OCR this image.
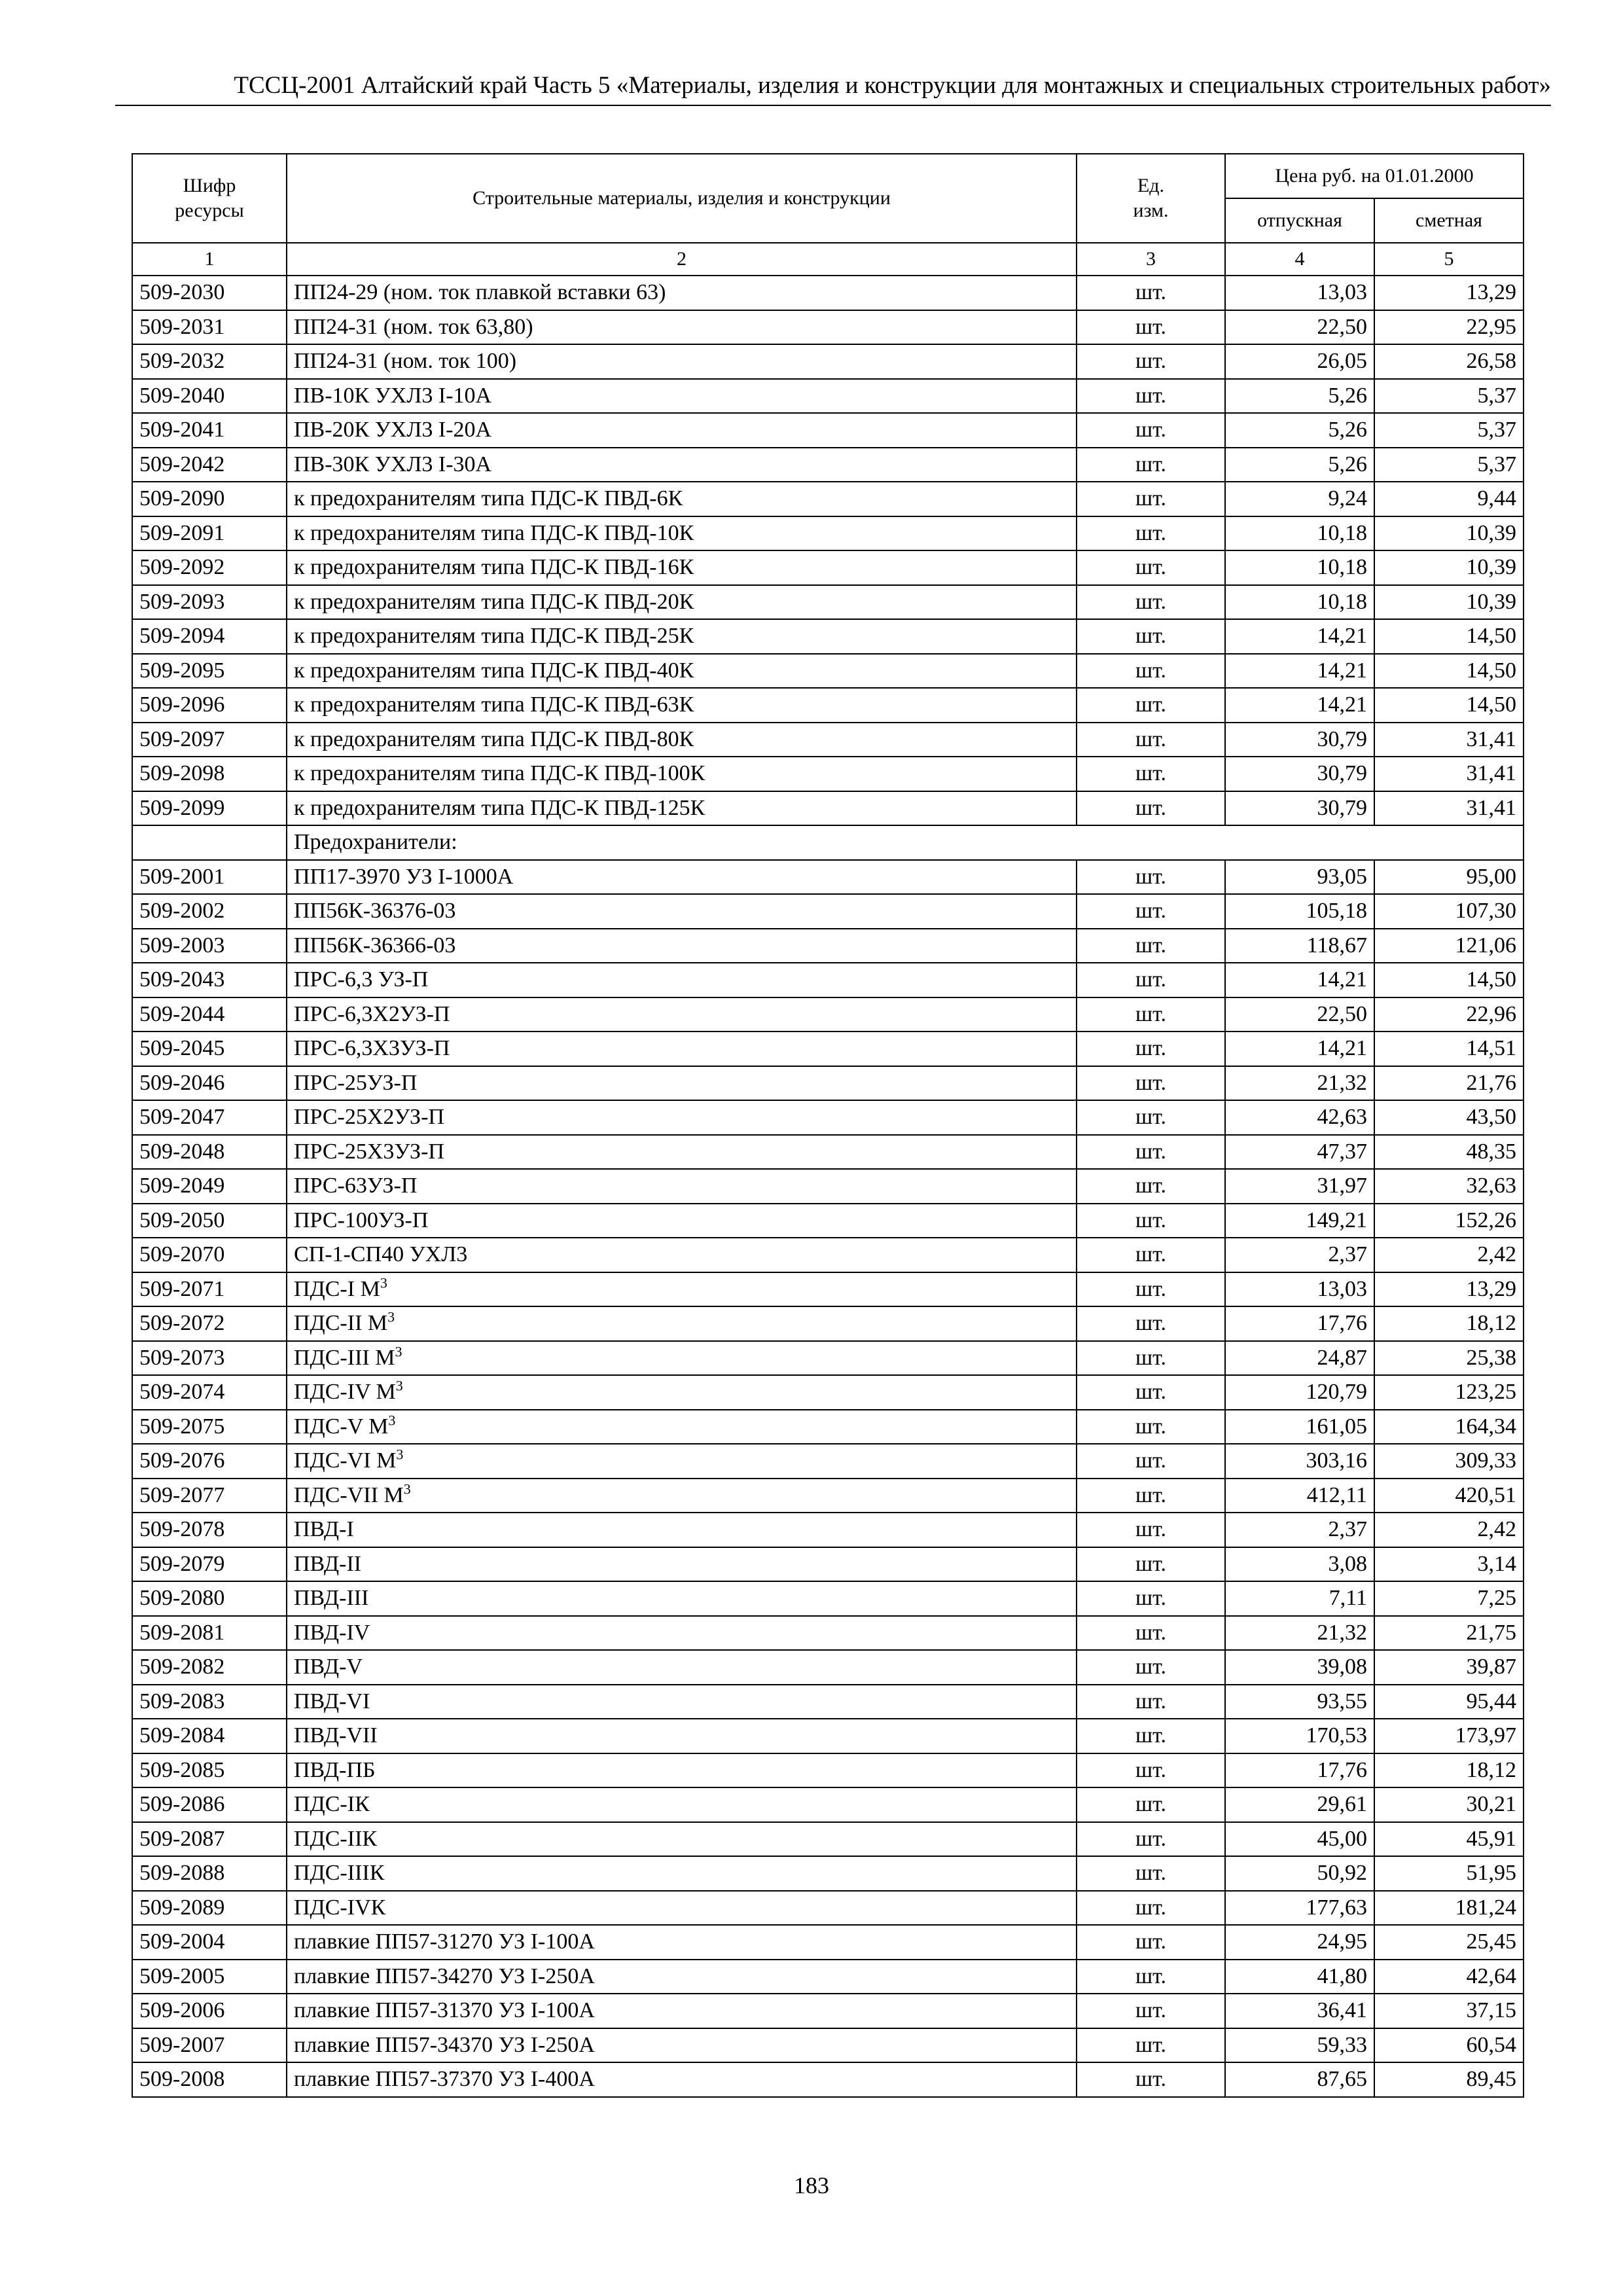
ТССЦ-2001 Алтайский край Часть 5 «Материалы, изделия и конструкции для монтажных и специальных строительных работ»
Шифр ресурсы	Строительные материалы, изделия и конструкции	Ед. изм.	Цена руб. на 01.01.2000	
			отпускная	сметная
1	2	3	4	5
509-2030	ПП24-29 (ном. ток плавкой вставки 63)	шт.	13,03	13,29
509-2031	ПП24-31 (ном. ток 63,80)	шт.	22,50	22,95
509-2032	ПП24-31 (ном. ток 100)	шт.	26,05	26,58
509-2040	ПВ-10К УХЛ3 I-10А	шт.	5,26	5,37
509-2041	ПВ-20К УХЛ3 I-20А	шт.	5,26	5,37
509-2042	ПВ-30К УХЛ3 I-30А	шт.	5,26	5,37
509-2090	к предохранителям типа ПДС-К ПВД-6К	шт.	9,24	9,44
509-2091	к предохранителям типа ПДС-К ПВД-10К	шт.	10,18	10,39
509-2092	к предохранителям типа ПДС-К ПВД-16К	шт.	10,18	10,39
509-2093	к предохранителям типа ПДС-К ПВД-20К	шт.	10,18	10,39
509-2094	к предохранителям типа ПДС-К ПВД-25К	шт.	14,21	14,50
509-2095	к предохранителям типа ПДС-К ПВД-40К	шт.	14,21	14,50
509-2096	к предохранителям типа ПДС-К ПВД-63К	шт.	14,21	14,50
509-2097	к предохранителям типа ПДС-К ПВД-80К	шт.	30,79	31,41
509-2098	к предохранителям типа ПДС-К ПВД-100К	шт.	30,79	31,41
509-2099	к предохранителям типа ПДС-К ПВД-125К	шт.	30,79	31,41
	Предохранители:			
509-2001	ПП17-3970 УЗ I-1000А	шт.	93,05	95,00
509-2002	ПП56К-36376-03	шт.	105,18	107,30
509-2003	ПП56К-36366-03	шт.	118,67	121,06
509-2043	ПРС-6,3 УЗ-П	шт.	14,21	14,50
509-2044	ПРС-6,3Х2УЗ-П	шт.	22,50	22,96
509-2045	ПРС-6,3Х3УЗ-П	шт.	14,21	14,51
509-2046	ПРС-25УЗ-П	шт.	21,32	21,76
509-2047	ПРС-25Х2УЗ-П	шт.	42,63	43,50
509-2048	ПРС-25Х3УЗ-П	шт.	47,37	48,35
509-2049	ПРС-63УЗ-П	шт.	31,97	32,63
509-2050	ПРС-100УЗ-П	шт.	149,21	152,26
509-2070	СП-1-СП40 УХЛ3	шт.	2,37	2,42
509-2071	ПДС-I $М^3$	шт.	13,03	13,29
509-2072	ПДС-II $М^3$	шт.	17,76	18,12
509-2073	ПДС-III $М^3$	шт.	24,87	25,38
509-2074	ПДС-IV $М^3$	шт.	120,79	123,25
509-2075	ПДС-V $М^3$	шт.	161,05	164,34
509-2076	ПДС-VI $М^3$	шт.	303,16	309,33
509-2077	ПДС-VII $М^3$	шт.	412,11	420,51
509-2078	ПВД-I	шт.	2,37	2,42
509-2079	ПВД-II	шт.	3,08	3,14
509-2080	ПВД-III	шт.	7,11	7,25
509-2081	ПВД-IV	шт.	21,32	21,75
509-2082	ПВД-V	шт.	39,08	39,87
509-2083	ПВД-VI	шт.	93,55	95,44
509-2084	ПВД-VII	шт.	170,53	173,97
509-2085	ПВД-ПБ	шт.	17,76	18,12
509-2086	ПДС-IК	шт.	29,61	30,21
509-2087	ПДС-IIК	шт.	45,00	45,91
509-2088	ПДС-IIIК	шт.	50,92	51,95
509-2089	ПДС-IVК	шт.	177,63	181,24
509-2004	плавкие ПП57-31270 УЗ I-100А	шт.	24,95	25,45
509-2005	плавкие ПП57-34270 УЗ I-250А	шт.	41,80	42,64
509-2006	плавкие ПП57-31370 УЗ I-100А	шт.	36,41	37,15
509-2007	плавкие ПП57-34370 УЗ I-250А	шт.	59,33	60,54
509-2008	плавкие ПП57-37370 УЗ I-400А	шт.	87,65	89,45
183
